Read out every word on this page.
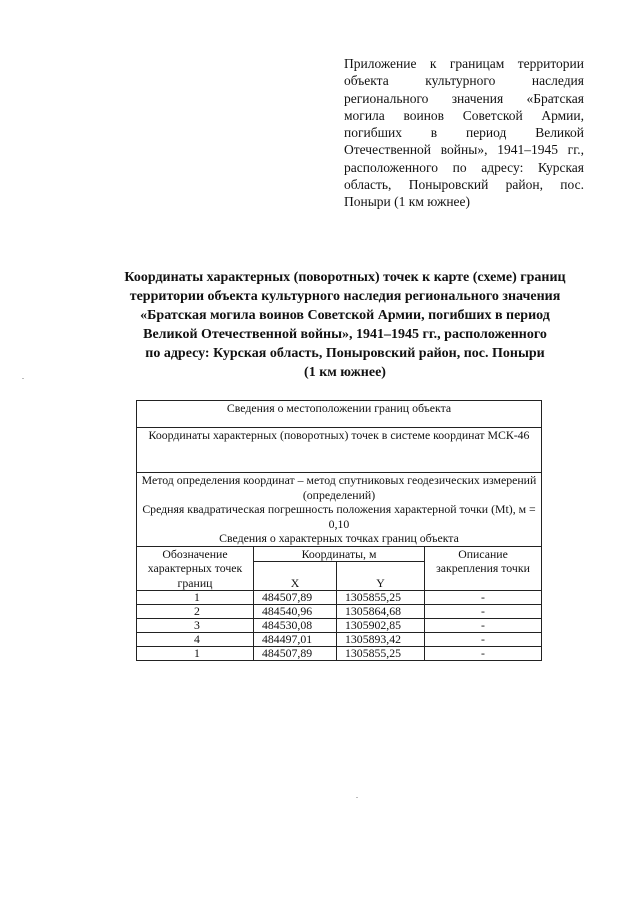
Приложение к границам территории объекта культурного наследия регионального значения «Братская могила воинов Советской Армии, погибших в период Великой Отечественной войны», 1941–1945 гг., расположенного по адресу: Курская область, Поныровский район, пос. Поныри (1 км южнее)
Координаты характерных (поворотных) точек к карте (схеме) границ
территории объекта культурного наследия регионального значения
«Братская могила воинов Советской Армии, погибших в период
Великой Отечественной войны», 1941–1945 гг., расположенного
по адресу: Курская область, Поныровский район, пос. Поныри
(1 км южнее)
Сведения о местоположении границ объекта			
Координаты характерных (поворотных) точек в системе координат МСК-46			

Метод определения координат – метод спутниковых геодезических измерений (определений)
Средняя квадратическая погрешность положения характерной точки (Mt), м = 0,10
Сведения о характерных точках границ объекта			

Обозначение характерных точек границ	Координаты, м		Описание закрепления точки
	X	Y	
1	484507,89	1305855,25	-
2	484540,96	1305864,68	-
3	484530,08	1305902,85	-
4	484497,01	1305893,42	-
1	484507,89	1305855,25	-
